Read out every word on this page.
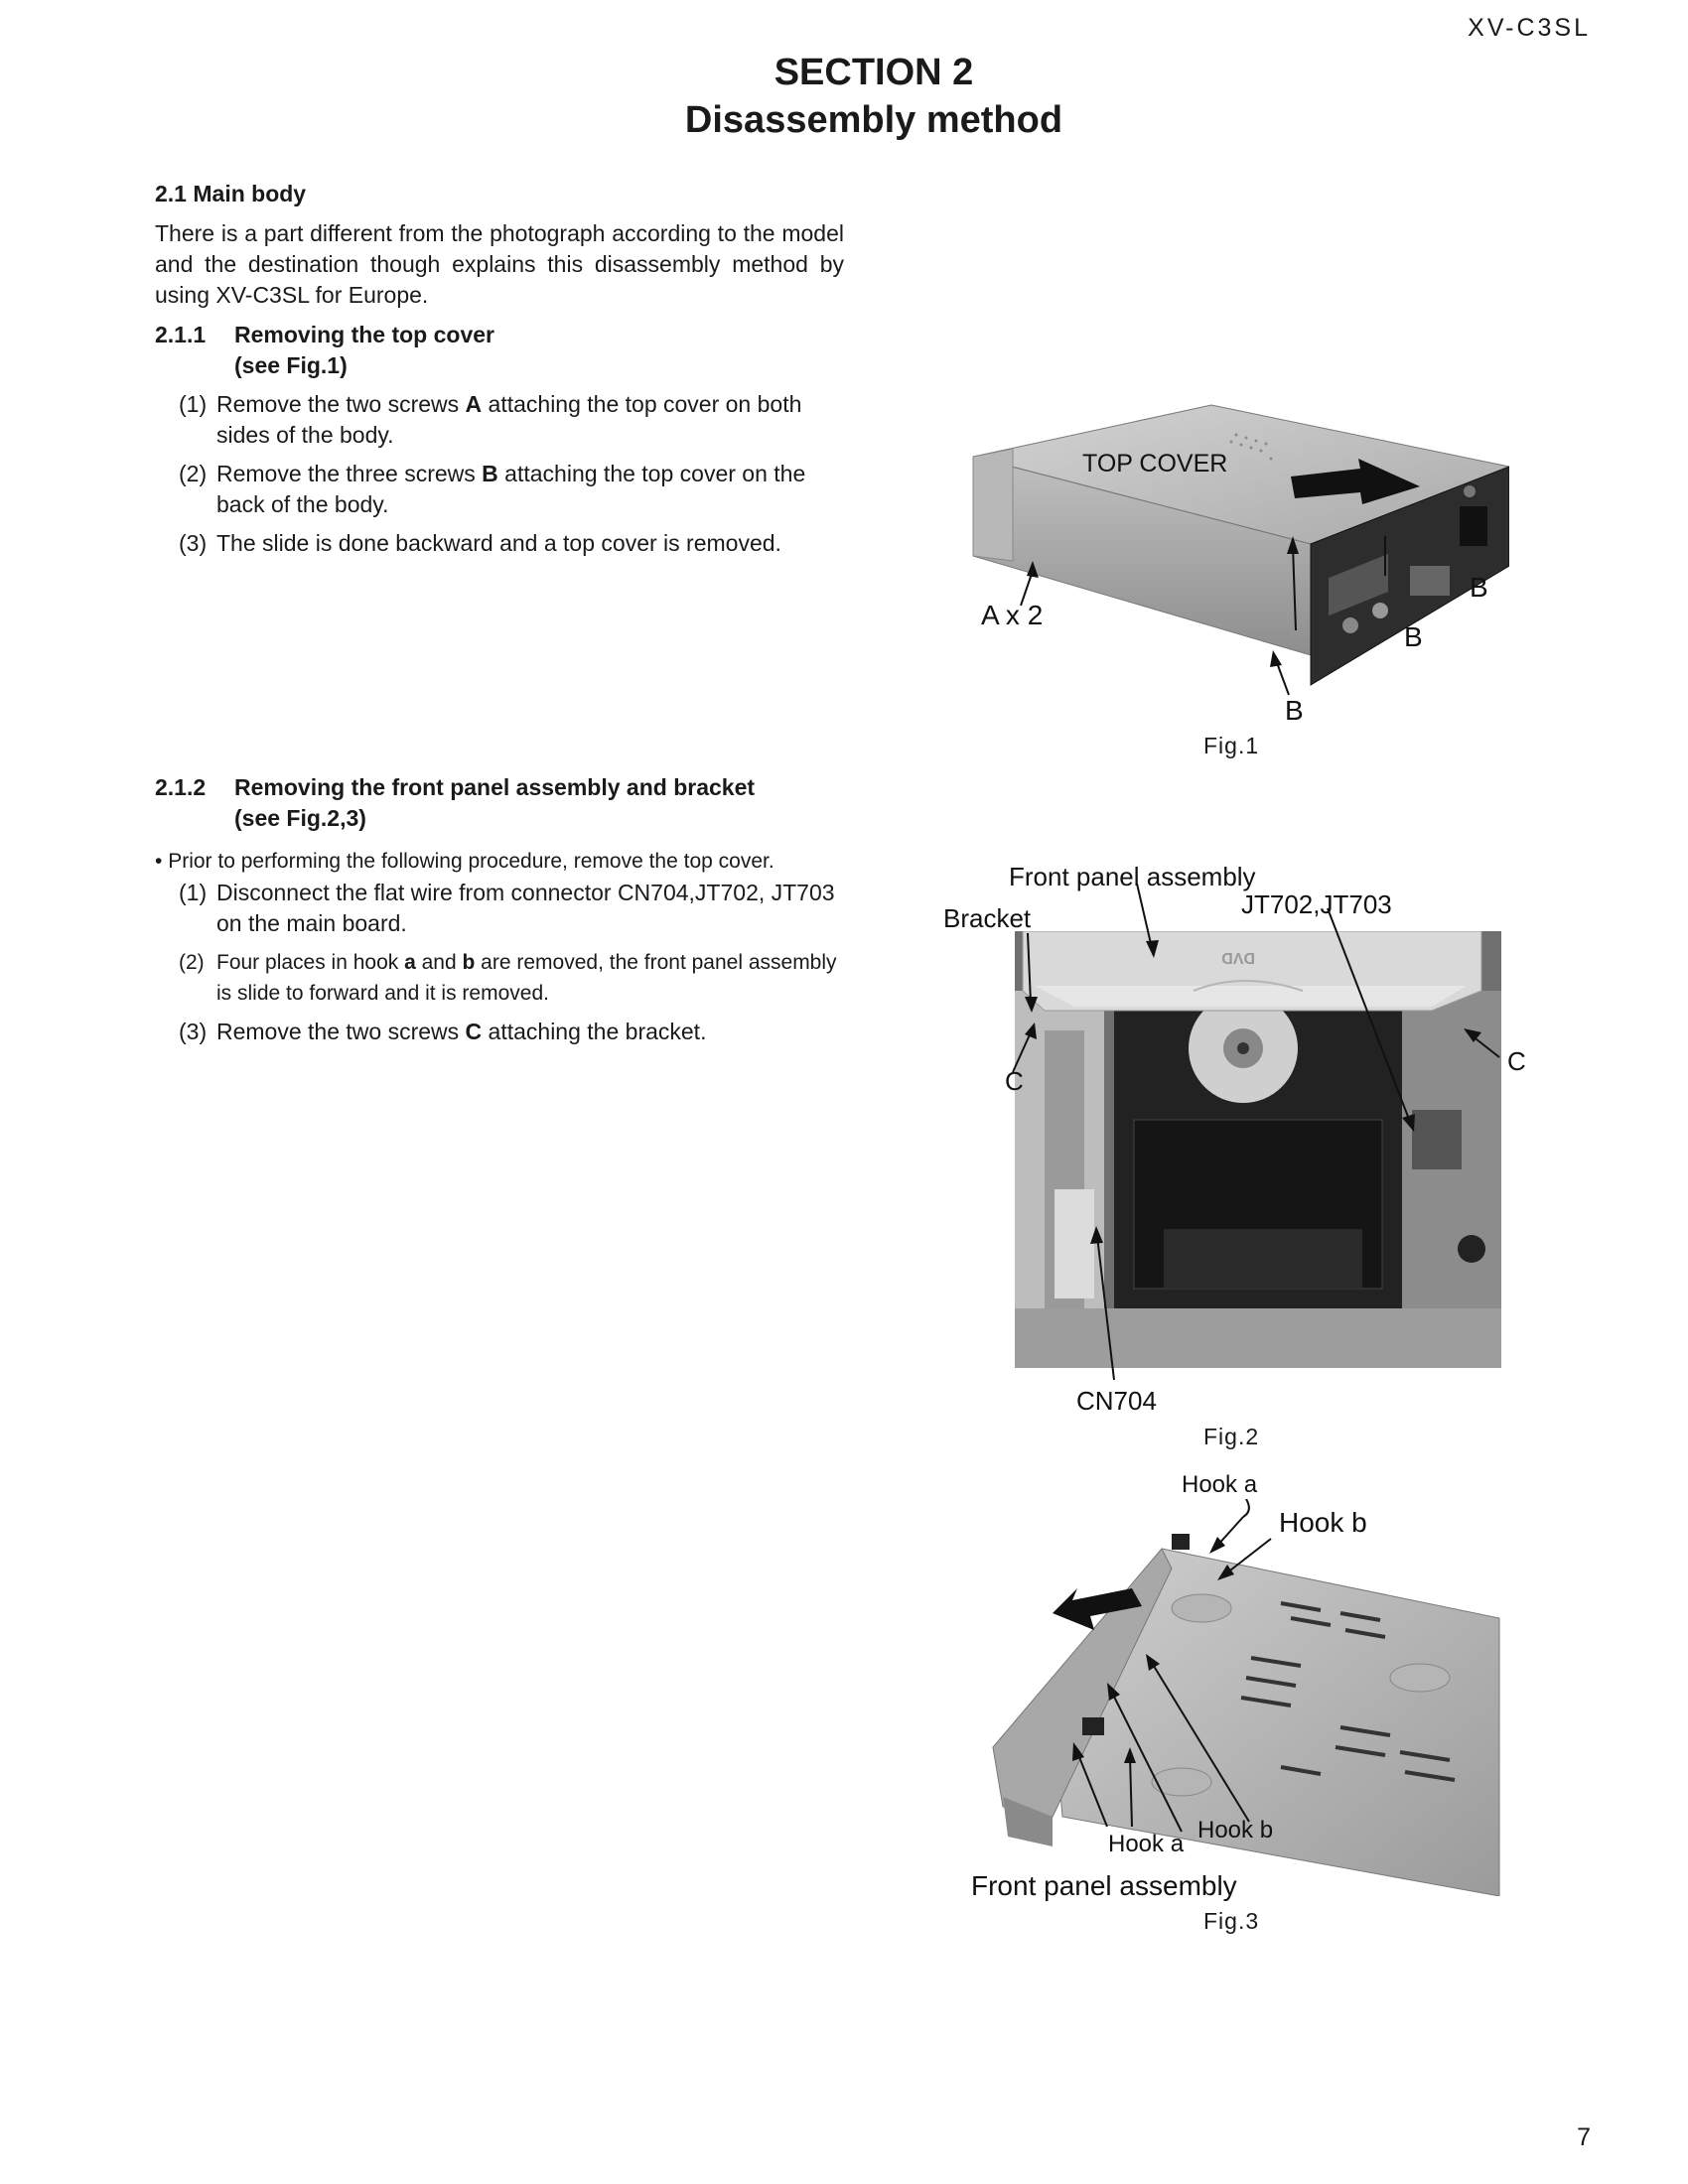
XV-C3SL
SECTION 2
Disassembly method
2.1 Main body
There is a part different from the photograph according to the model and the destination though explains this disassembly method by using XV-C3SL for Europe.
2.1.1 Removing the top cover
(see Fig.1)
(1) Remove the two screws A attaching the top cover on both sides of the body.
(2) Remove the three screws B attaching the top cover on the back of the body.
(3) The slide is done backward and a top cover is removed.
2.1.2 Removing the front panel assembly and bracket
(see Fig.2,3)
• Prior to performing the following procedure, remove the top cover.
(1) Disconnect the flat wire from connector CN704,JT702, JT703 on the main board.
(2) Four places in hook a and b are removed, the front panel assembly is slide to forward and it is removed.
(3) Remove the two screws C attaching the bracket.
TOP COVER
A x 2
B
B
B
Fig.1
DVD
Front panel assembly
JT702,JT703
Bracket
C
C
CN704
Fig.2
Hook a
Hook b
Hook a
Hook b
Front panel assembly
Fig.3
7
